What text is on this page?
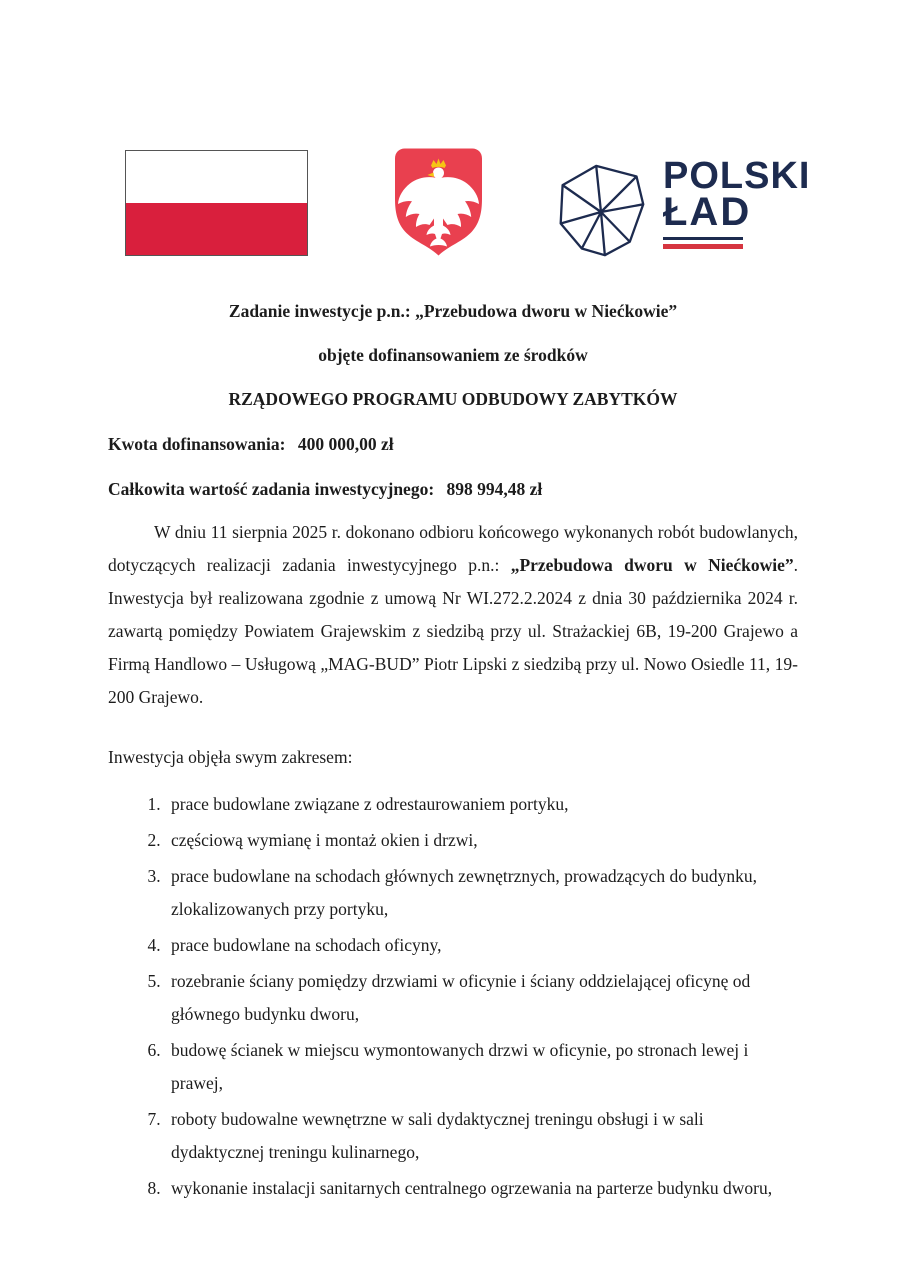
POLSKI
ŁAD

Zadanie inwestycje p.n.: „Przebudowa dworu w Niećkowie”

objęte dofinansowaniem ze środków

RZĄDOWEGO PROGRAMU ODBUDOWY ZABYTKÓW

Kwota dofinansowania: 400 000,00 zł

Całkowita wartość zadania inwestycyjnego: 898 994,48 zł

W dniu 11 sierpnia 2025 r. dokonano odbioru końcowego wykonanych robót budowlanych, dotyczących realizacji zadania inwestycyjnego p.n.: „Przebudowa dworu w Niećkowie”. Inwestycja był realizowana zgodnie z umową Nr WI.272.2.2024 z dnia 30 października 2024 r. zawartą pomiędzy Powiatem Grajewskim z siedzibą przy ul. Strażackiej 6B, 19-200 Grajewo a Firmą Handlowo – Usługową „MAG-BUD” Piotr Lipski z siedzibą przy ul. Nowo Osiedle 11, 19-200 Grajewo.

Inwestycja objęła swym zakresem:

1. prace budowlane związane z odrestaurowaniem portyku,
2. częściową wymianę i montaż okien i drzwi,
3. prace budowlane na schodach głównych zewnętrznych, prowadzących do budynku, zlokalizowanych przy portyku,
4. prace budowlane na schodach oficyny,
5. rozebranie ściany pomiędzy drzwiami w oficynie i ściany oddzielającej oficynę od głównego budynku dworu,
6. budowę ścianek w miejscu wymontowanych drzwi w oficynie, po stronach lewej i prawej,
7. roboty budowalne wewnętrzne w sali dydaktycznej treningu obsługi i w sali dydaktycznej treningu kulinarnego,
8. wykonanie instalacji sanitarnych centralnego ogrzewania na parterze budynku dworu,
